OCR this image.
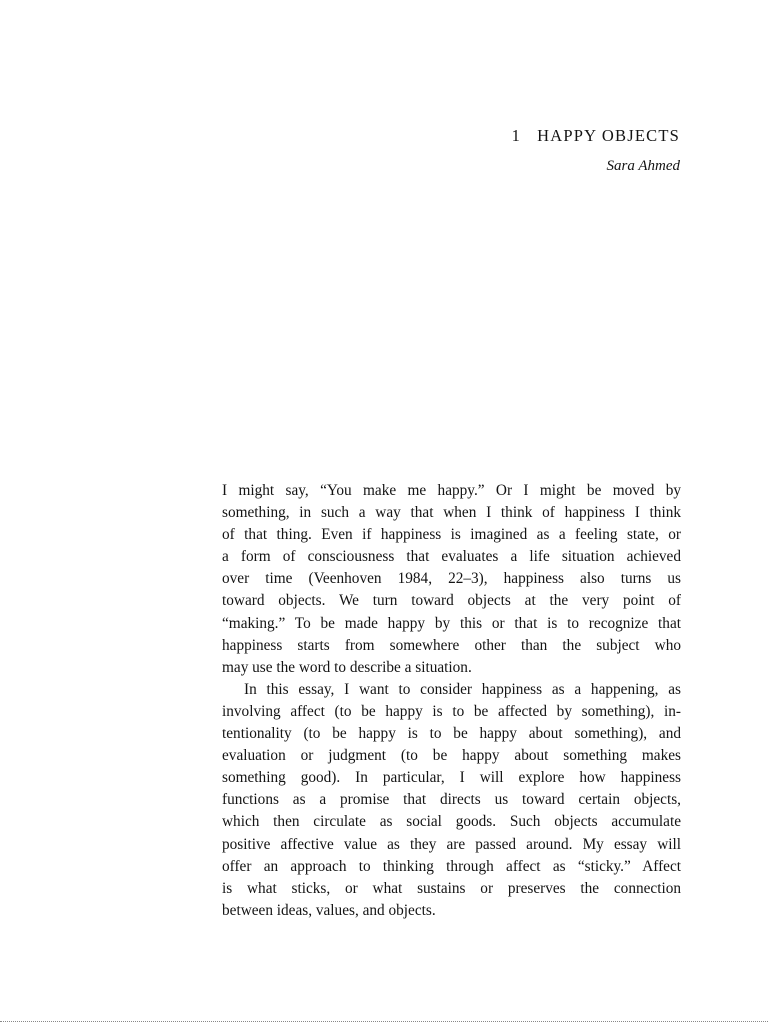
1 HAPPY OBJECTS
Sara Ahmed

I might say, “You make me happy.” Or I might be moved by
something, in such a way that when I think of happiness I think
of that thing. Even if happiness is imagined as a feeling state, or
a form of consciousness that evaluates a life situation achieved
over time (Veenhoven 1984, 22–3), happiness also turns us
toward objects. We turn toward objects at the very point of
“making.” To be made happy by this or that is to recognize that
happiness starts from somewhere other than the subject who
may use the word to describe a situation.

In this essay, I want to consider happiness as a happening, as
involving affect (to be happy is to be affected by something), in-
tentionality (to be happy is to be happy about something), and
evaluation or judgment (to be happy about something makes
something good). In particular, I will explore how happiness
functions as a promise that directs us toward certain objects,
which then circulate as social goods. Such objects accumulate
positive affective value as they are passed around. My essay will
offer an approach to thinking through affect as “sticky.” Affect
is what sticks, or what sustains or preserves the connection
between ideas, values, and objects.
